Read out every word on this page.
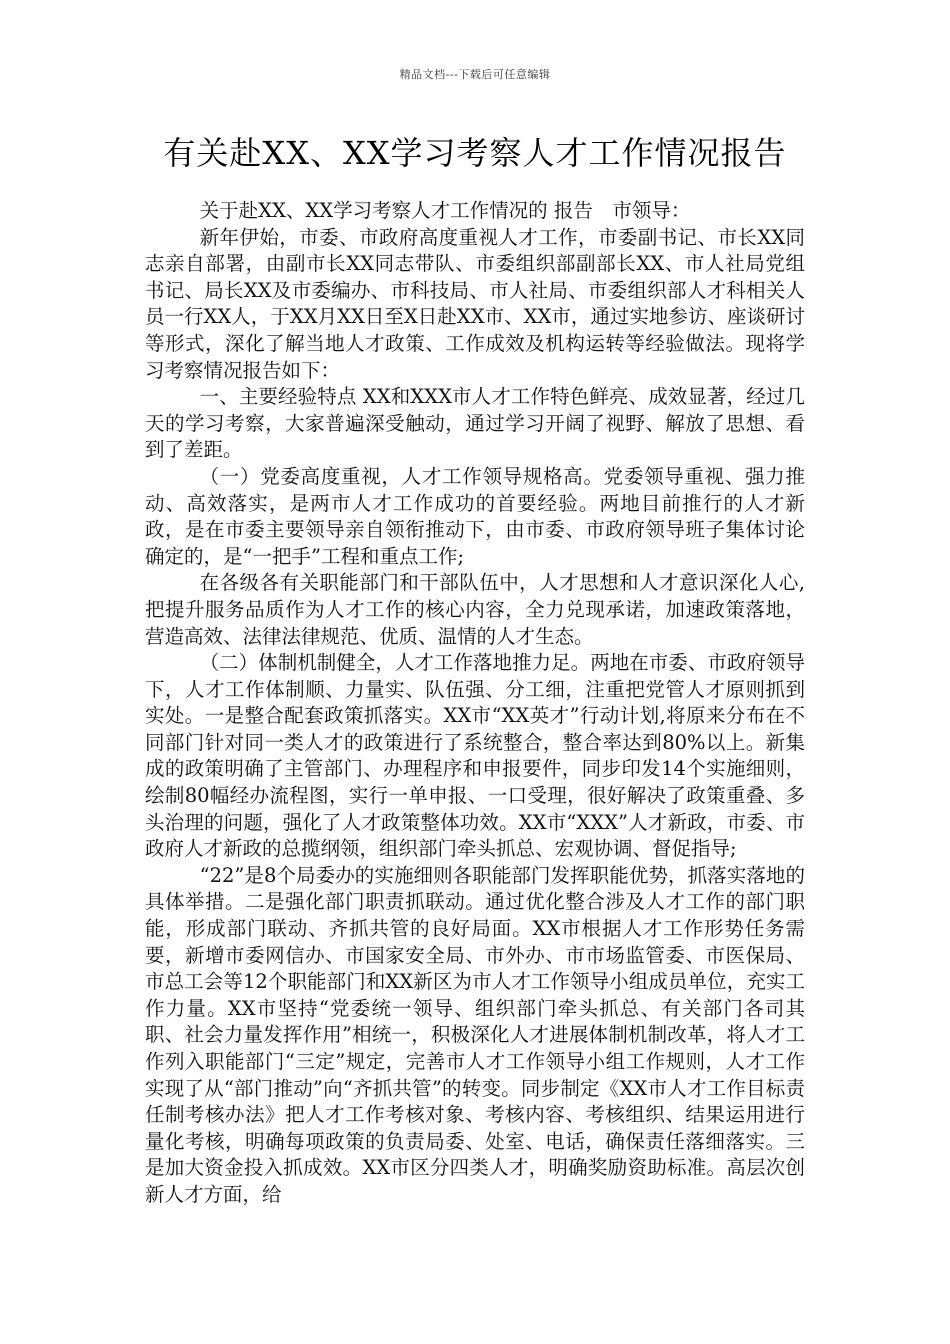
精品文档---下载后可任意编辑
有关赴XX、XX学习考察人才工作情况报告

关于赴XX、XX学习考察人才工作情况的 报告　市领导：

新年伊始，市委、市政府高度重视人才工作，市委副书记、市长XX同志亲自部署，由副市长XX同志带队、市委组织部副部长XX、市人社局党组书记、局长XX及市委编办、市科技局、市人社局、市委组织部人才科相关人员一行XX人，于XX月XX日至X日赴XX市、XX市，通过实地参访、座谈研讨等形式，深化了解当地人才政策、工作成效及机构运转等经验做法。现将学习考察情况报告如下：

一、主要经验特点 XX和XXX市人才工作特色鲜亮、成效显著，经过几天的学习考察，大家普遍深受触动，通过学习开阔了视野、解放了思想、看到了差距。

（一）党委高度重视，人才工作领导规格高。党委领导重视、强力推动、高效落实，是两市人才工作成功的首要经验。两地目前推行的人才新政，是在市委主要领导亲自领衔推动下，由市委、市政府领导班子集体讨论确定的，是“一把手”工程和重点工作;

在各级各有关职能部门和干部队伍中，人才思想和人才意识深化人心,把提升服务品质作为人才工作的核心内容，全力兑现承诺，加速政策落地，营造高效、法律法律规范、优质、温情的人才生态。

（二）体制机制健全，人才工作落地推力足。两地在市委、市政府领导下，人才工作体制顺、力量实、队伍强、分工细，注重把党管人才原则抓到实处。一是整合配套政策抓落实。XX市“XX英才”行动计划,将原来分布在不同部门针对同一类人才的政策进行了系统整合，整合率达到80%以上。新集成的政策明确了主管部门、办理程序和申报要件，同步印发14个实施细则，绘制80幅经办流程图，实行一单申报、一口受理，很好解决了政策重叠、多头治理的问题，强化了人才政策整体功效。XX市“XXX”人才新政，市委、市政府人才新政的总揽纲领，组织部门牵头抓总、宏观协调、督促指导;

“22”是8个局委办的实施细则各职能部门发挥职能优势，抓落实落地的具体举措。二是强化部门职责抓联动。通过优化整合涉及人才工作的部门职能，形成部门联动、齐抓共管的良好局面。XX市根据人才工作形势任务需要，新增市委网信办、市国家安全局、市外办、市市场监管委、市医保局、市总工会等12个职能部门和XX新区为市人才工作领导小组成员单位，充实工作力量。XX市坚持“党委统一领导、组织部门牵头抓总、有关部门各司其职、社会力量发挥作用”相统一，积极深化人才进展体制机制改革，将人才工作列入职能部门“三定”规定，完善市人才工作领导小组工作规则，人才工作实现了从“部门推动”向“齐抓共管”的转变。同步制定《XX市人才工作目标责任制考核办法》把人才工作考核对象、考核内容、考核组织、结果运用进行量化考核，明确每项政策的负责局委、处室、电话，确保责任落细落实。三是加大资金投入抓成效。XX市区分四类人才，明确奖励资助标准。高层次创新人才方面，给
